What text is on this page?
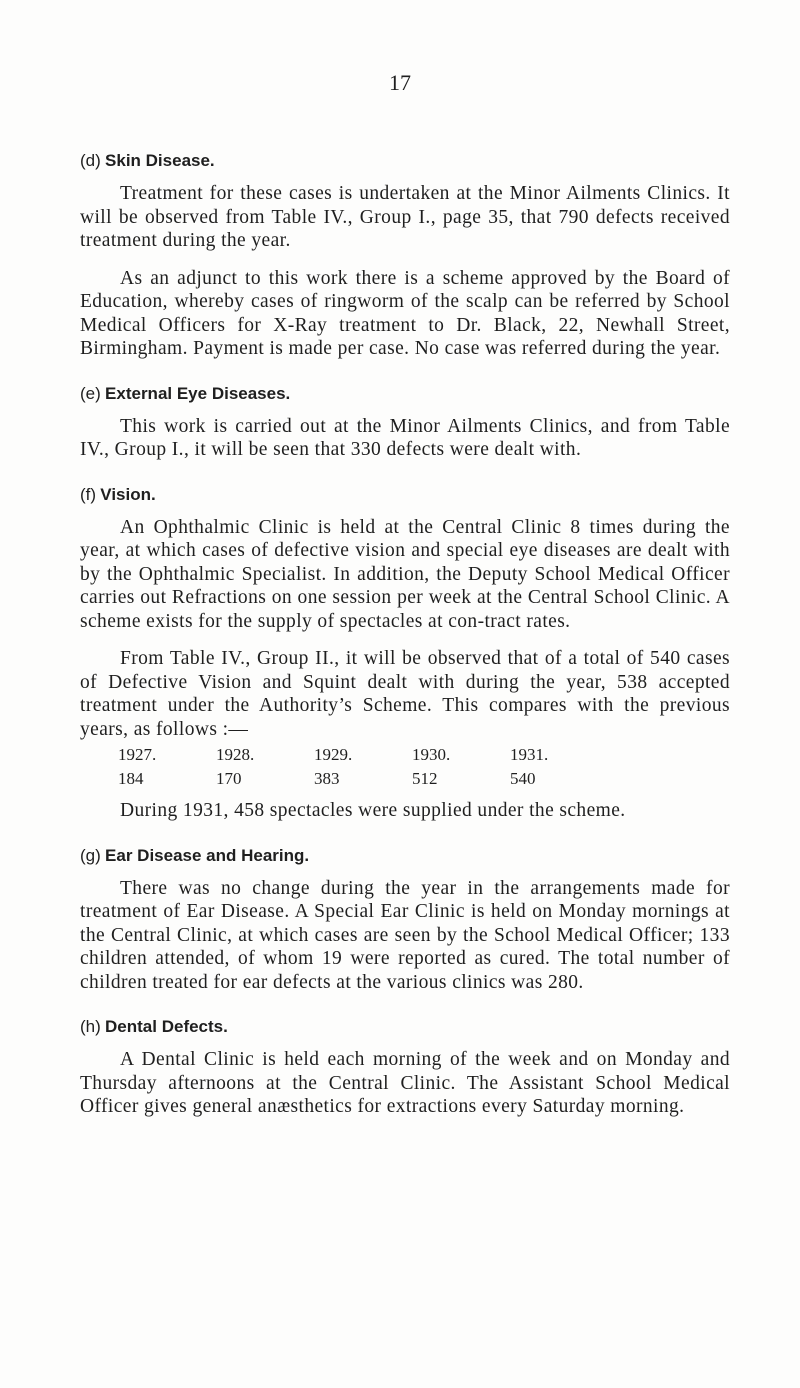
17
(d) Skin Disease.

Treatment for these cases is undertaken at the Minor Ailments Clinics. It will be observed from Table IV., Group I., page 35, that 790 defects received treatment during the year.

As an adjunct to this work there is a scheme approved by the Board of Education, whereby cases of ringworm of the scalp can be referred by School Medical Officers for X-Ray treatment to Dr. Black, 22, Newhall Street, Birmingham. Payment is made per case. No case was referred during the year.

(e) External Eye Diseases.

This work is carried out at the Minor Ailments Clinics, and from Table IV., Group I., it will be seen that 330 defects were dealt with.

(f) Vision.

An Ophthalmic Clinic is held at the Central Clinic 8 times during the year, at which cases of defective vision and special eye diseases are dealt with by the Ophthalmic Specialist. In addition, the Deputy School Medical Officer carries out Refractions on one session per week at the Central School Clinic. A scheme exists for the supply of spectacles at con-tract rates.

From Table IV., Group II., it will be observed that of a total of 540 cases of Defective Vision and Squint dealt with during the year, 538 accepted treatment under the Authority’s Scheme. This compares with the previous years, as follows :—

1927.	1928.	1929.	1930.	1931.
184	170	383	512	540

During 1931, 458 spectacles were supplied under the scheme.

(g) Ear Disease and Hearing.

There was no change during the year in the arrangements made for treatment of Ear Disease. A Special Ear Clinic is held on Monday mornings at the Central Clinic, at which cases are seen by the School Medical Officer; 133 children attended, of whom 19 were reported as cured. The total number of children treated for ear defects at the various clinics was 280.

(h) Dental Defects.

A Dental Clinic is held each morning of the week and on Monday and Thursday afternoons at the Central Clinic. The Assistant School Medical Officer gives general anæsthetics for extractions every Saturday morning.
